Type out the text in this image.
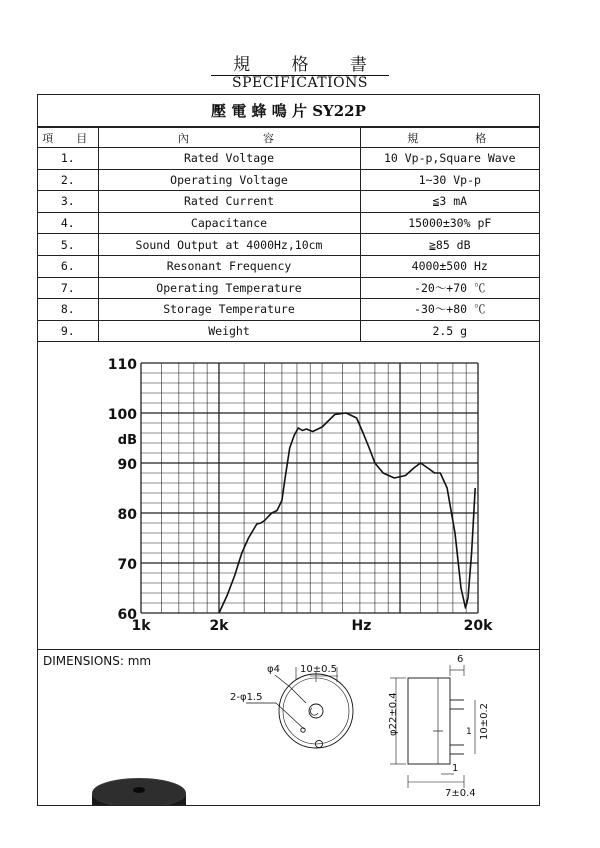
規 格 書
SPECIFICATIONS
壓 電 蜂 鳴 片 SY22P
項　目	內　　　　容	規　　　格
1.	Rated Voltage	10 Vp-p,Square Wave
2.	Operating Voltage	1~30 Vp-p
3.	Rated Current	≦3 mA
4.	Capacitance	15000±30% pF
5.	Sound Output at 4000Hz,10cm	≧85 dB
6.	Resonant Frequency	4000±500 Hz
7.	Operating Temperature	-20～+70 ℃
8.	Storage Temperature	-30～+80 ℃
9.	Weight	2.5 g
110
100
90
80
70
60
dB
1k	2k	Hz	20k
DIMENSIONS: mm
φ4 10±0.5
2-φ1.5	φ22±0.4
6
10±0.2
1
1
7±0.4
